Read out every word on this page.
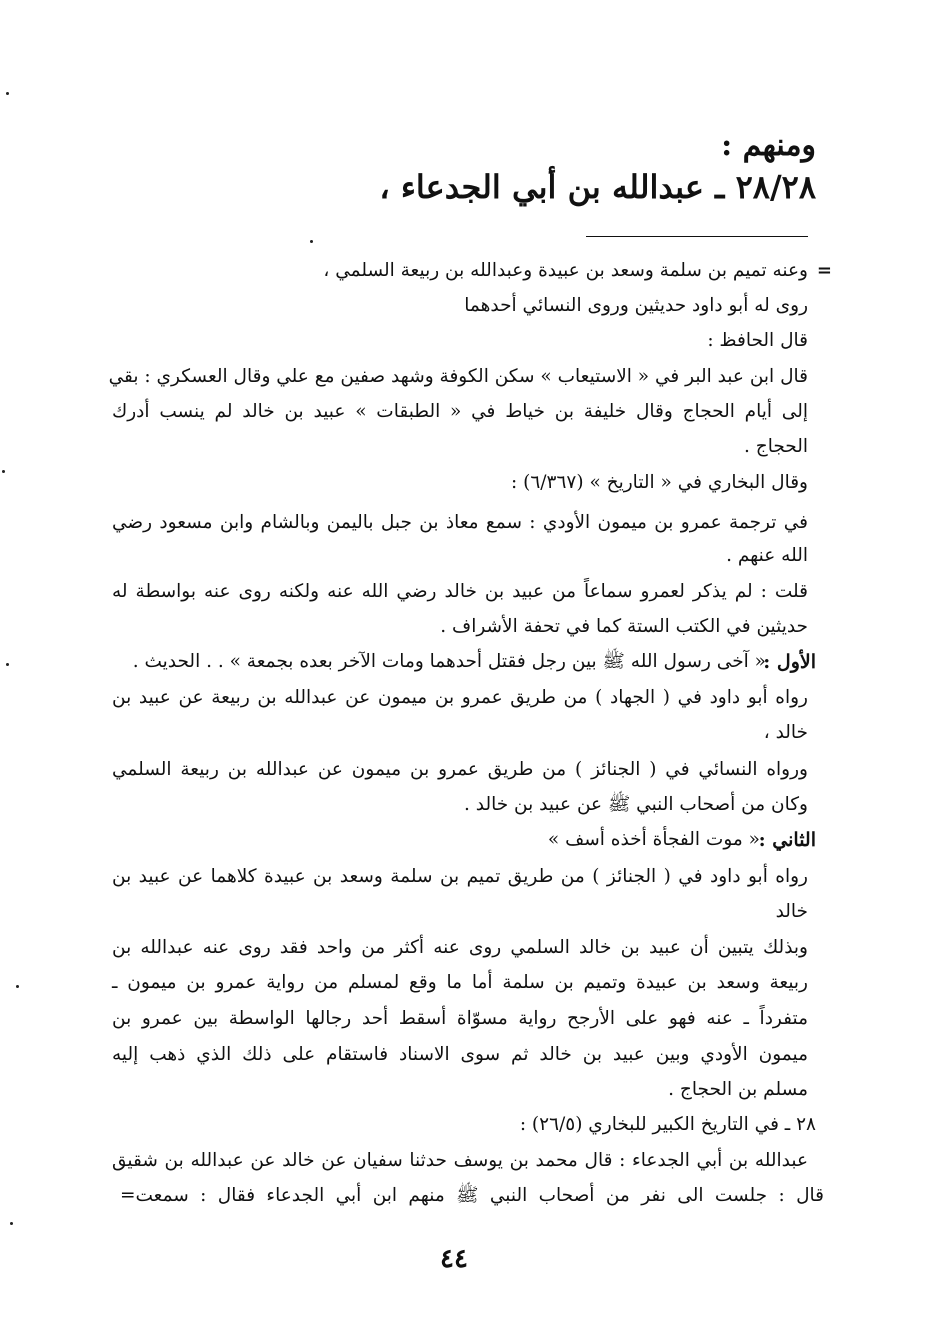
ومنهم :
٢٨/٢٨ ـ عبدالله بن أبي الجدعاء ،
=
وعنه تميم بن سلمة وسعد بن عبيدة وعبدالله بن ربيعة السلمي ،
روى له أبو داود حديثين وروى النسائي أحدهما
قال الحافظ :
قال ابن عبد البر في « الاستيعاب » سكن الكوفة وشهد صفين مع علي وقال العسكري : بقي
إلى أيام الحجاج وقال خليفة بن خياط في « الطبقات » عبيد بن خالد لم ينسب أدرك
الحجاج .
وقال البخاري في « التاريخ » (٦/٣٦٧) :
في ترجمة عمرو بن ميمون الأودي : سمع معاذ بن جبل باليمن وبالشام وابن مسعود رضي
الله عنهم .
قلت : لم يذكر لعمرو سماعاً من عبيد بن خالد رضي الله عنه ولكنه روى عنه بواسطة له
حديثين في الكتب الستة كما في تحفة الأشراف .
الأول :
« آخى رسول الله ﷺ بين رجل فقتل أحدهما ومات الآخر بعده بجمعة » . . الحديث .
رواه أبو داود في ( الجهاد ) من طريق عمرو بن ميمون عن عبدالله بن ربيعة عن عبيد بن
خالد ،
ورواه النسائي في ( الجنائز ) من طريق عمرو بن ميمون عن عبدالله بن ربيعة السلمي
وكان من أصحاب النبي ﷺ عن عبيد بن خالد .
الثاني :
« موت الفجأة أخذه أسف »
رواه أبو داود في ( الجنائز ) من طريق تميم بن سلمة وسعد بن عبيدة كلاهما عن عبيد بن
خالد
وبذلك يتبين أن عبيد بن خالد السلمي روى عنه أكثر من واحد فقد روى عنه عبدالله بن
ربيعة وسعد بن عبيدة وتميم بن سلمة أما ما وقع لمسلم من رواية عمرو بن ميمون ـ
متفرداً ـ عنه فهو على الأرجح رواية مسوّاة أسقط أحد رجالها الواسطة بين عمرو بن
ميمون الأودي وبين عبيد بن خالد ثم سوى الاسناد فاستقام على ذلك الذي ذهب إليه
مسلم بن الحجاج .
٢٨ ـ في التاريخ الكبير للبخاري (٢٦/٥) :
عبدالله بن أبي الجدعاء : قال محمد بن يوسف حدثنا سفيان عن خالد عن عبدالله بن شقيق
قال : جلست الى نفر من أصحاب النبي ﷺ منهم ابن أبي الجدعاء فقال : سمعت=
٤٤
